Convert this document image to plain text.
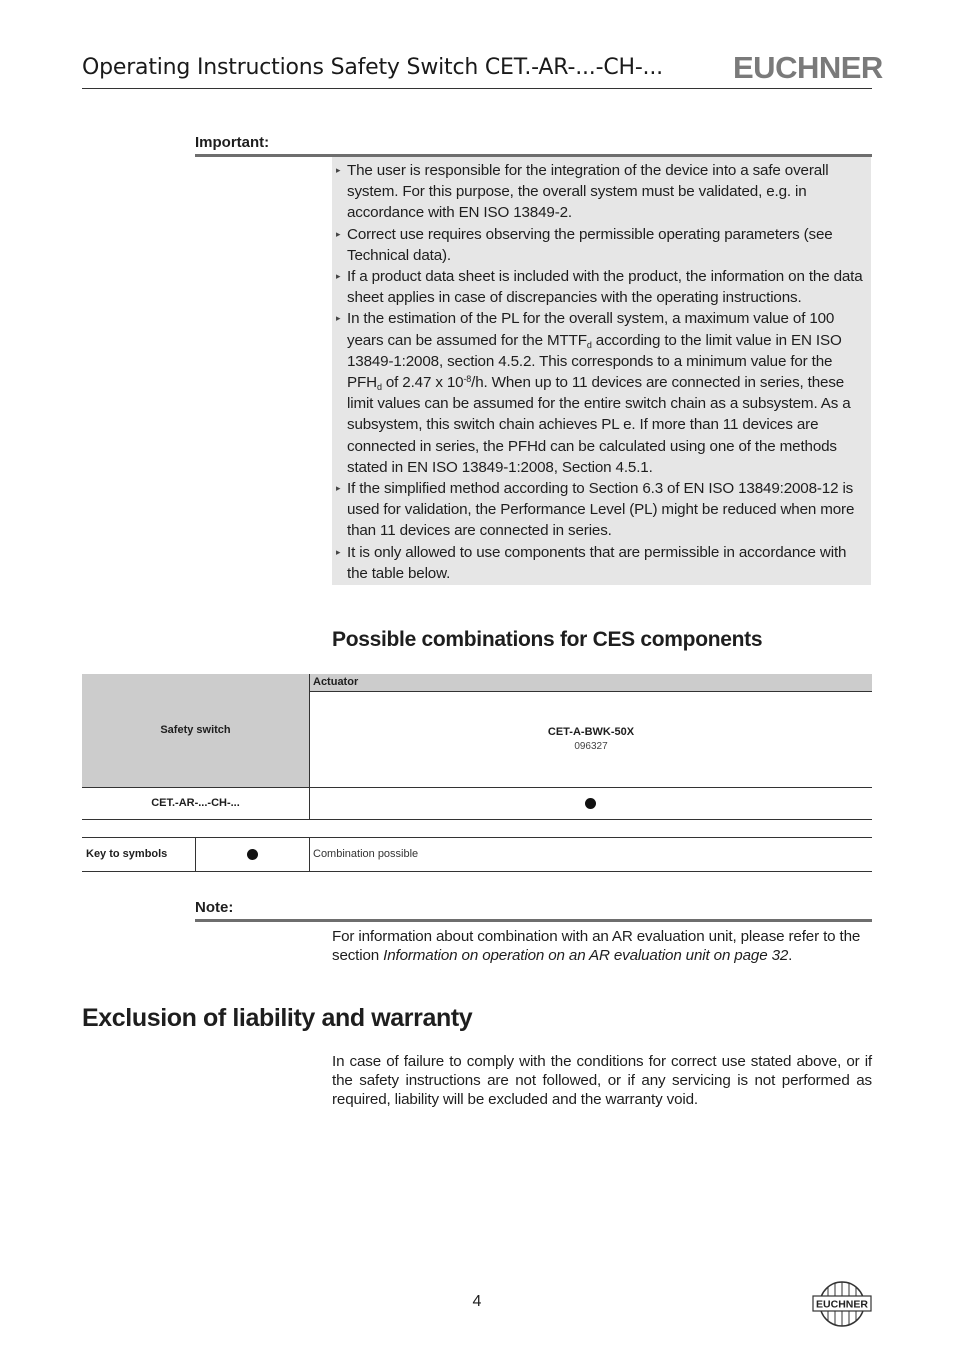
Operating Instructions Safety Switch CET.-AR-...-CH-... EUCHNER
Important:
▸ The user is responsible for the integration of the device into a safe overall system. For this purpose, the overall system must be validated, e.g. in accordance with EN ISO 13849-2.
▸ Correct use requires observing the permissible operating parameters (see Technical data).
▸ If a product data sheet is included with the product, the information on the data sheet applies in case of discrepancies with the operating instructions.
▸ In the estimation of the PL for the overall system, a maximum value of 100 years can be assumed for the $MTTF_d$ according to the limit value in EN ISO 13849-1:2008, section 4.5.2. This corresponds to a minimum value for the $PFH_d$ of 2.47 x $10^{-8}/h$. When up to 11 devices are connected in series, these limit values can be assumed for the entire switch chain as a subsystem. As a subsystem, this switch chain achieves PL e. If more than 11 devices are connected in series, the PFHd can be calculated using one of the methods stated in EN ISO 13849-1:2008, Section 4.5.1.
▸ If the simplified method according to Section 6.3 of EN ISO 13849:2008-12 is used for validation, the Performance Level (PL) might be reduced when more than 11 devices are connected in series.
▸ It is only allowed to use components that are permissible in accordance with the table below.
Possible combinations for CES components
Safety switch
Actuator
CET-A-BWK-50X
096327
CET.-AR-...-CH-...
Key to symbols	Combination possible
Note:
For information about combination with an AR evaluation unit, please refer to the section Information on operation on an AR evaluation unit on page 32.
Exclusion of liability and warranty
In case of failure to comply with the conditions for correct use stated above, or if the safety instructions are not followed, or if any servicing is not performed as required, liability will be excluded and the warranty void.
4	EUCHNER
